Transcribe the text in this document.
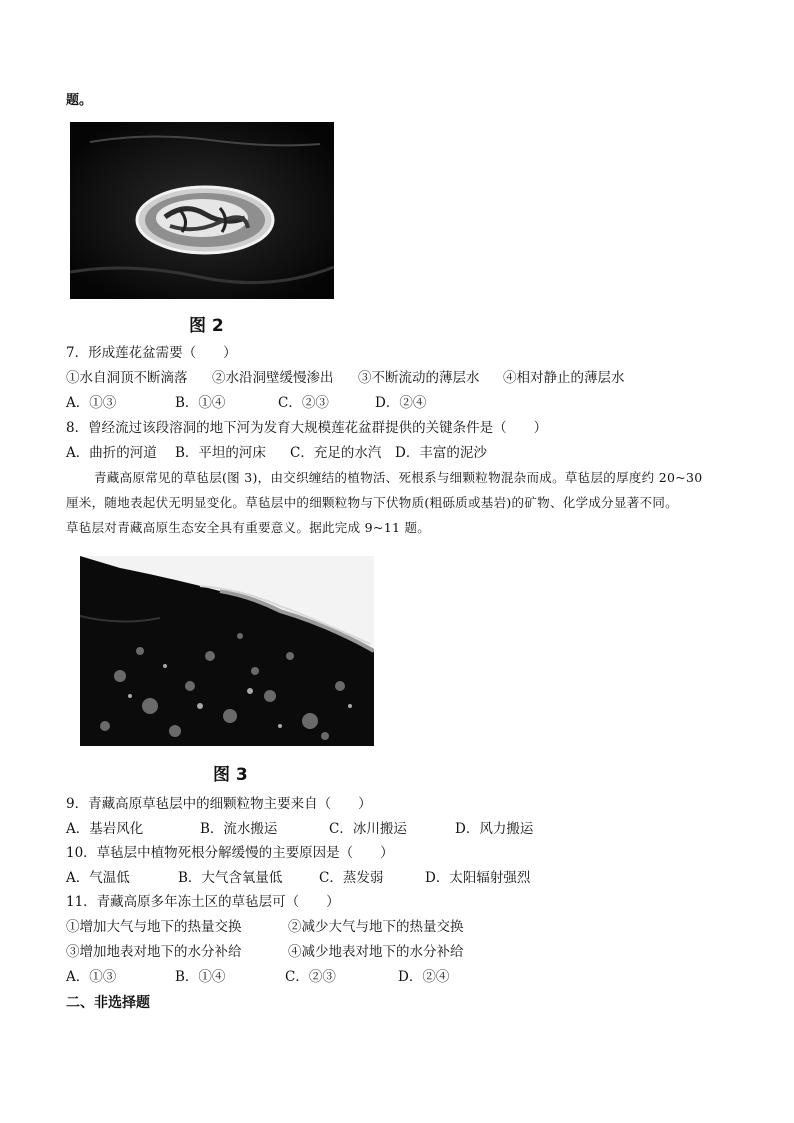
题。
图 2
7．形成莲花盆需要（　　）
①水自洞顶不断滴落	②水沿洞壁缓慢渗出	③不断流动的薄层水	④相对静止的薄层水
A．①③	B．①④	C．②③	D．②④
8．曾经流过该段溶洞的地下河为发育大规模莲花盆群提供的关键条件是（　　）
A．曲折的河道	B．平坦的河床	C．充足的水汽	D．丰富的泥沙
青藏高原常见的草毡层(图 3)，由交织缠结的植物活、死根系与细颗粒物混杂而成。草毡层的厚度约 20~30
厘米，随地表起伏无明显变化。草毡层中的细颗粒物与下伏物质(粗砾质或基岩)的矿物、化学成分显著不同。
草毡层对青藏高原生态安全具有重要意义。据此完成 9~11 题。
图 3
9．青藏高原草毡层中的细颗粒物主要来自（　　）
A．基岩风化	B．流水搬运	C．冰川搬运	D．风力搬运
10．草毡层中植物死根分解缓慢的主要原因是（　　）
A．气温低	B．大气含氧量低	C．蒸发弱	D．太阳辐射强烈
11．青藏高原多年冻土区的草毡层可（　　）
①增加大气与地下的热量交换	②减少大气与地下的热量交换
③增加地表对地下的水分补给	④减少地表对地下的水分补给
A．①③	B．①④	C．②③	D．②④
二、非选择题
